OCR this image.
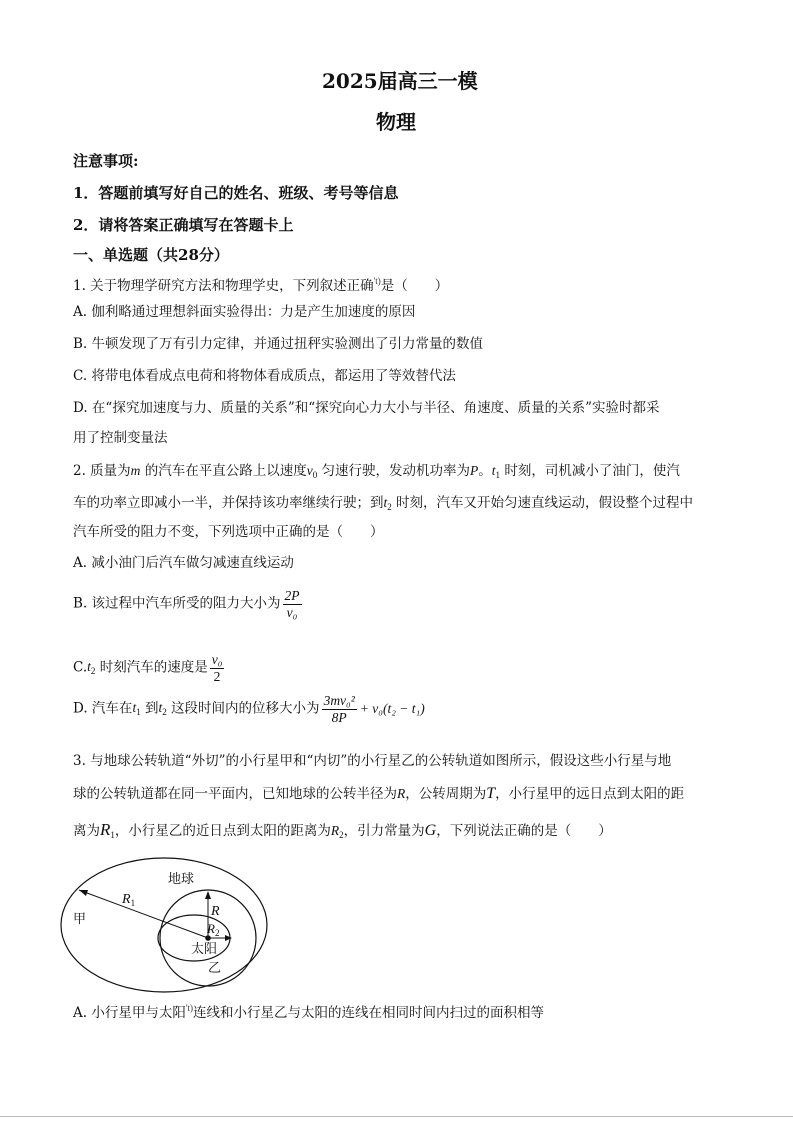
2025届高三一模
物理
注意事项:
1．答题前填写好自己的姓名、班级、考号等信息
2．请将答案正确填写在答题卡上
一、单选题（共28分）
1. 关于物理学研究方法和物理学史，下列叙述正确$^{'t)}$是（　　）
A. 伽利略通过理想斜面实验得出：力是产生加速度的原因
B. 牛顿发现了万有引力定律，并通过扭秤实验测出了引力常量的数值
C. 将带电体看成点电荷和将物体看成质点，都运用了等效替代法
D. 在“探究加速度与力、质量的关系”和“探究向心力大小与半径、角速度、质量的关系”实验时都采
用了控制变量法
2. 质量为m 的汽车在平直公路上以速度$v_0$ 匀速行驶，发动机功率为P。$t_1$ 时刻，司机减小了油门，使汽
车的功率立即减小一半，并保持该功率继续行驶；到$t_2$ 时刻，汽车又开始匀速直线运动，假设整个过程中
汽车所受的阻力不变，下列选项中正确的是（　　）
A. 减小油门后汽车做匀减速直线运动
B. 该过程中汽车所受的阻力大小为 $\frac{2P}{\text{v₀}}$
$C.t_2$ 时刻汽车的速度是 $\frac{\text{v₀}}{2}$
D. 汽车在$t_1$ 到$t_2$ 这段时间内的位移大小为 $\frac{\text{3mv₀²}}{8P} + v_0(t_2 - t_1)$
3. 与地球公转轨道“外切”的小行星甲和“内切”的小行星乙的公转轨道如图所示，假设这些小行星与地
球的公转轨道都在同一平面内，已知地球的公转半径为R，公转周期为T，小行星甲的远日点到太阳的距
离为$R_1$，小行星乙的近日点到太阳的距离为$R_2$，引力常量为G，下列说法正确的是（　　）
地球
甲
$R_1$
R
$R_2$
太阳
乙
A. 小行星甲与太阳$^{'t)}$连线和小行星乙与太阳的连线在相同时间内扫过的面积相等
